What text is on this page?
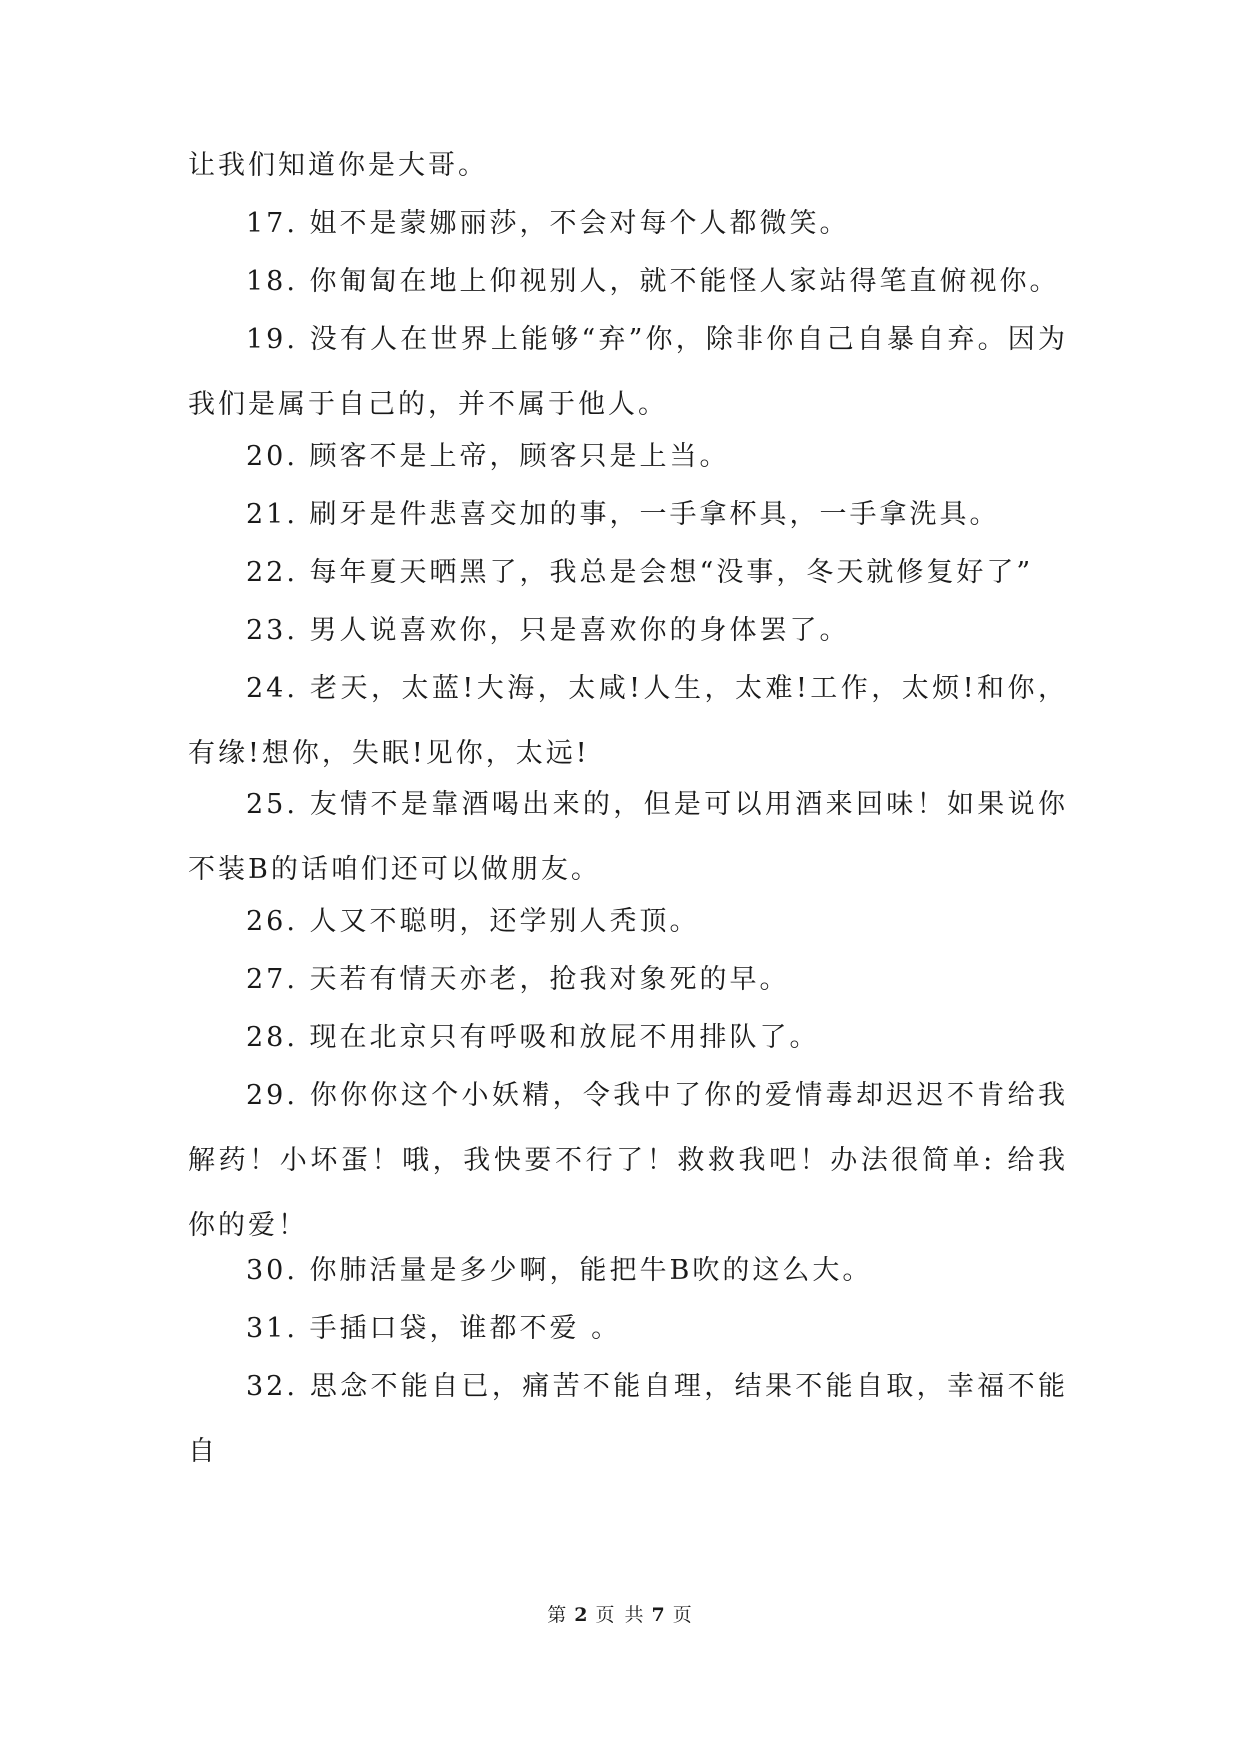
让我们知道你是大哥。

17. 姐不是蒙娜丽莎，不会对每个人都微笑。

18. 你匍匐在地上仰视别人，就不能怪人家站得笔直俯视你。

19. 没有人在世界上能够“弃”你，除非你自己自暴自弃。因为我们是属于自己的，并不属于他人。

20. 顾客不是上帝，顾客只是上当。

21. 刷牙是件悲喜交加的事，一手拿杯具，一手拿洗具。

22. 每年夏天晒黑了，我总是会想“没事，冬天就修复好了”

23. 男人说喜欢你，只是喜欢你的身体罢了。

24. 老天，太蓝!大海，太咸!人生，太难!工作，太烦!和你，有缘!想你，失眠!见你，太远!

25. 友情不是靠酒喝出来的，但是可以用酒来回味！如果说你不装B的话咱们还可以做朋友。

26. 人又不聪明，还学别人秃顶。

27. 天若有情天亦老，抢我对象死的早。

28. 现在北京只有呼吸和放屁不用排队了。

29. 你你你这个小妖精，令我中了你的爱情毒却迟迟不肯给我解药！小坏蛋！哦，我快要不行了！救救我吧！办法很简单: 给我你的爱！

30. 你肺活量是多少啊，能把牛B吹的这么大。

31. 手插口袋，谁都不爱 。

32. 思念不能自已，痛苦不能自理，结果不能自取，幸福不能自

第 2 页 共 7 页
